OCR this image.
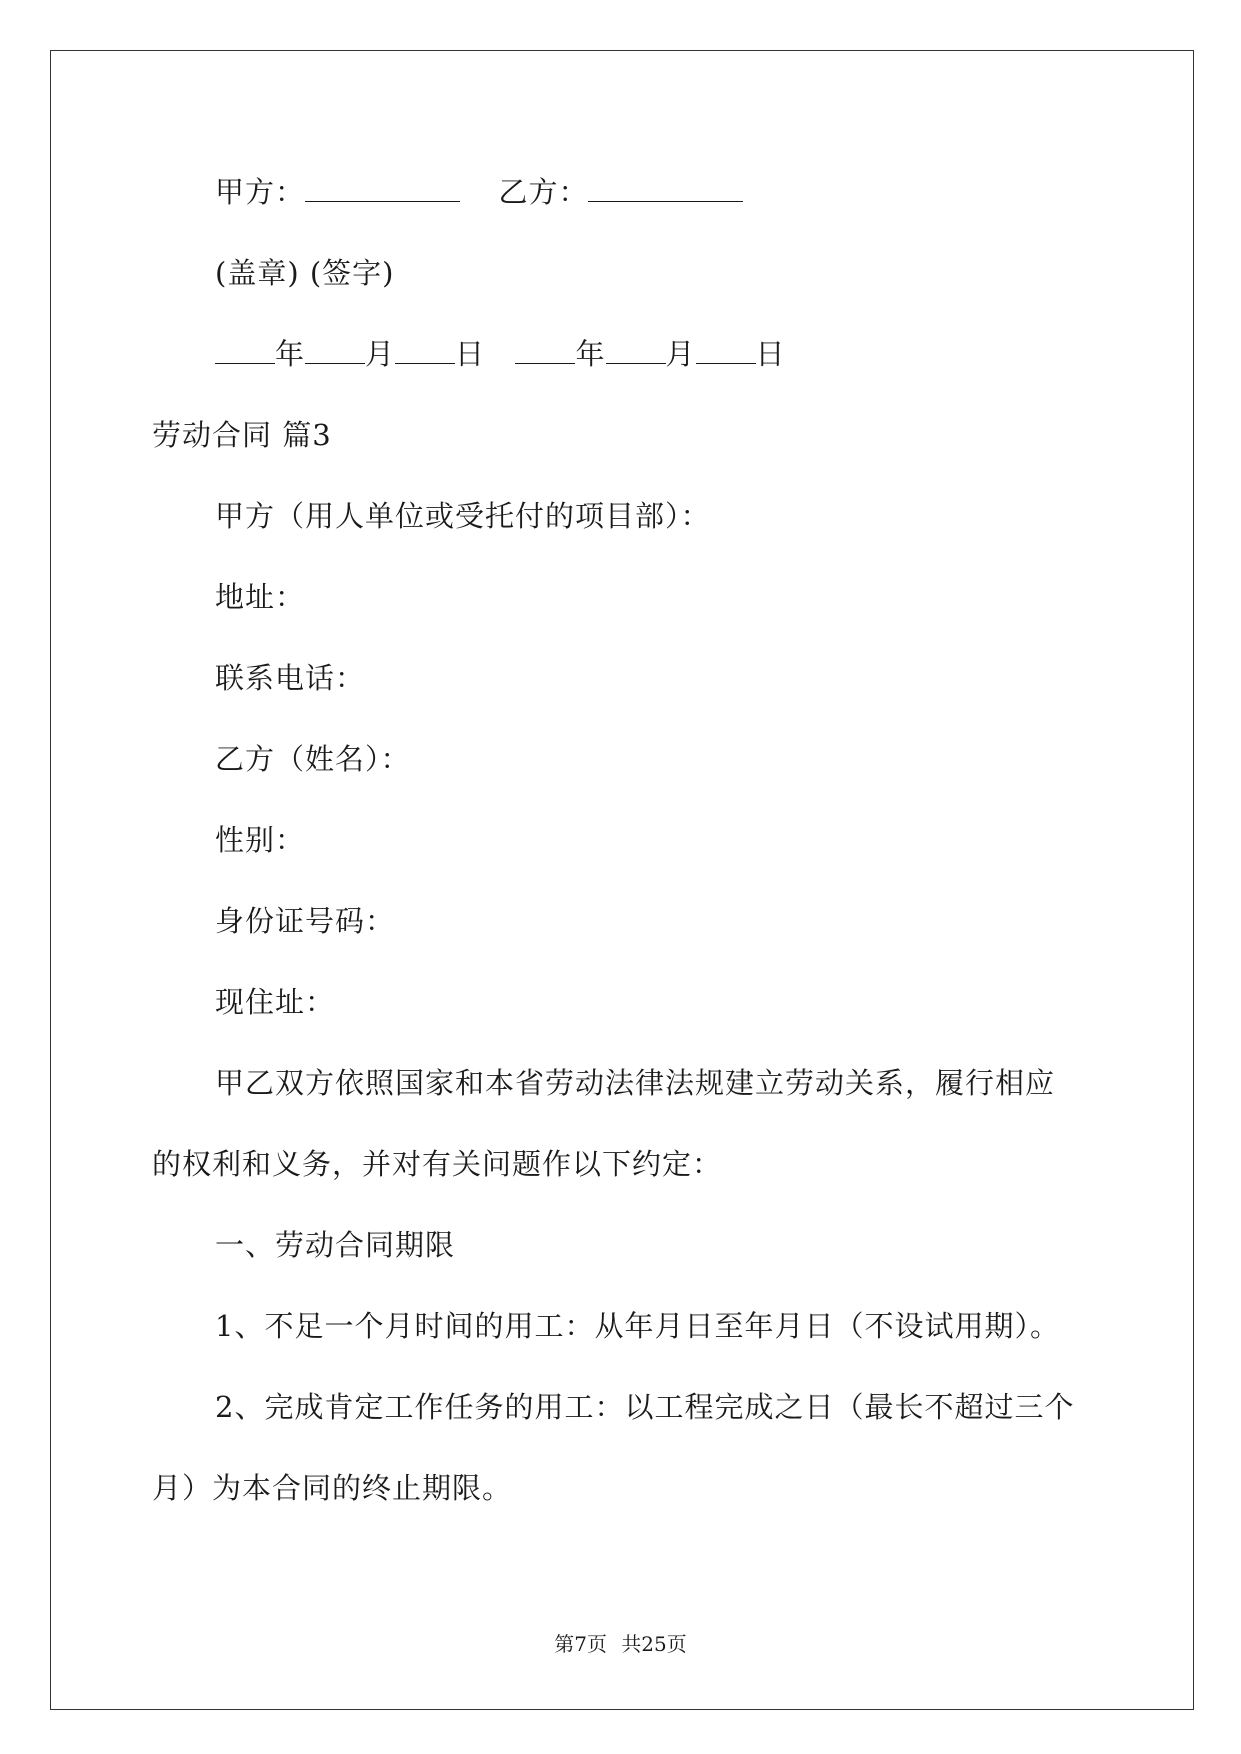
甲方：	乙方：
(盖章) (签字)
年 月 日	年 月 日
劳动合同 篇3
甲方（用人单位或受托付的项目部）：
地址：
联系电话：
乙方（姓名）：
性别：
身份证号码：
现住址：
甲乙双方依照国家和本省劳动法律法规建立劳动关系，履行相应
的权利和义务，并对有关问题作以下约定：
一、劳动合同期限
1、不足一个月时间的用工：从年月日至年月日（不设试用期）。
2、完成肯定工作任务的用工：以工程完成之日（最长不超过三个
月）为本合同的终止期限。
第7页 共25页
